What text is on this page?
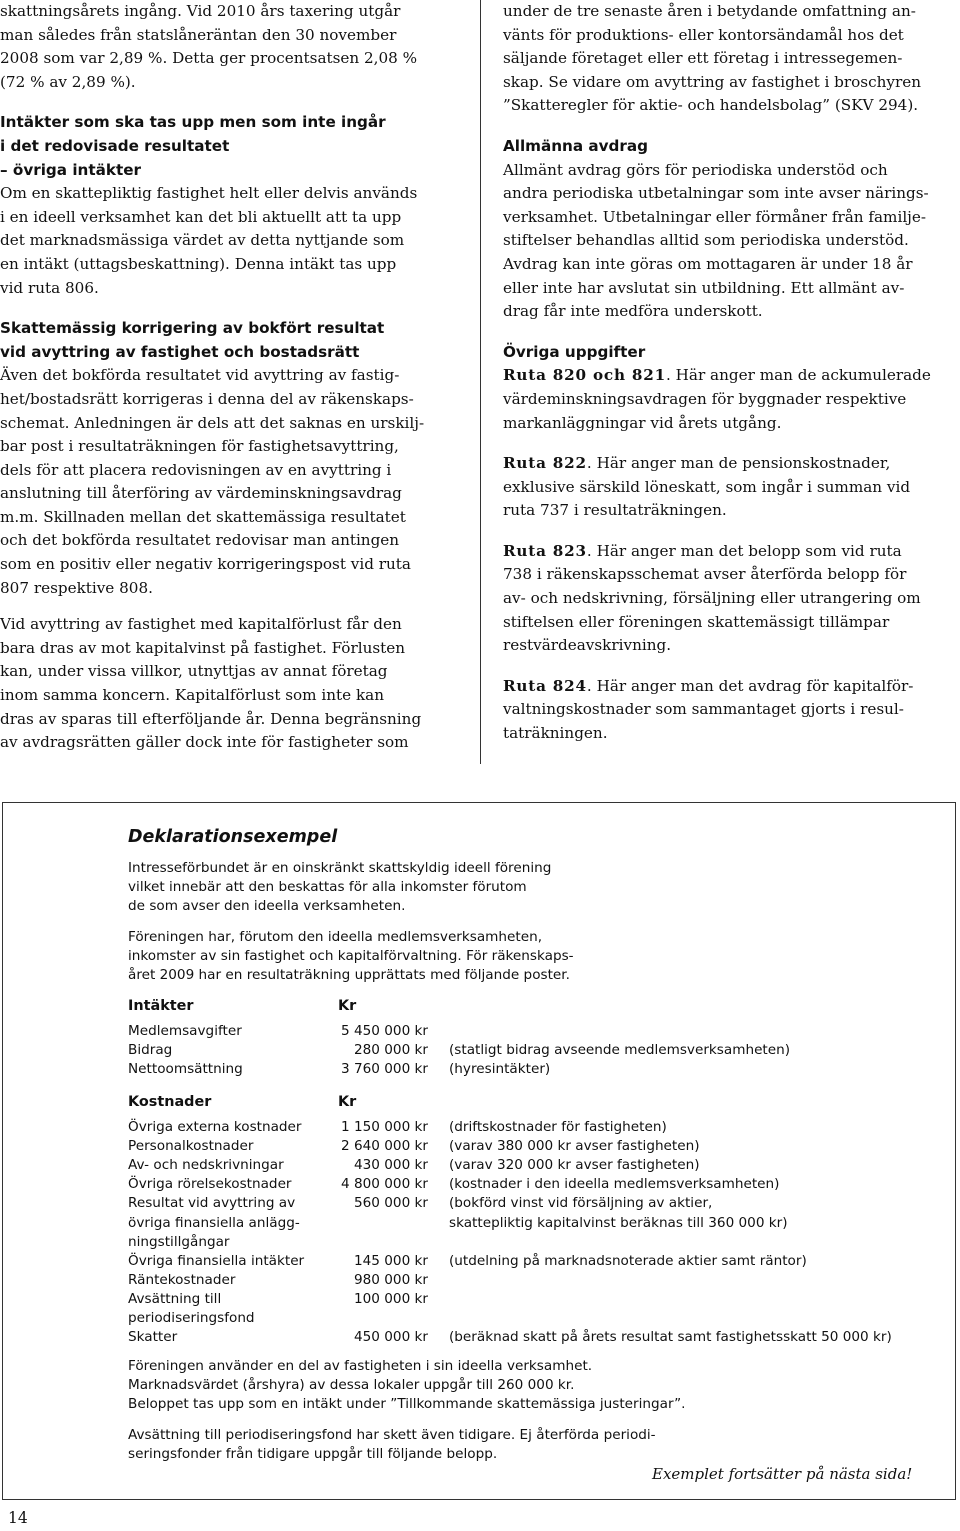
skattningsårets ingång. Vid 2010 års taxering utgår
man således från statslåneräntan den 30 november
2008 som var 2,89 %. Detta ger procentsatsen 2,08 %
(72 % av 2,89 %).

Intäkter som ska tas upp men som inte ingår
i det redovisade resultatet
– övriga intäkter

Om en skattepliktig fastighet helt eller delvis används
i en ideell verksamhet kan det bli aktuellt att ta upp
det marknadsmässiga värdet av detta nyttjande som
en intäkt (uttagsbeskattning). Denna intäkt tas upp
vid ruta 806.

Skattemässig korrigering av bokfört resultat
vid avyttring av fastighet och bostadsrätt

Även det bokförda resultatet vid avyttring av fastig-
het/bostadsrätt korrigeras i denna del av räkenskaps-
schemat. Anledningen är dels att det saknas en urskilj-
bar post i resultaträkningen för fastighetsavyttring,
dels för att placera redovisningen av en avyttring i
anslutning till återföring av värdeminskningsavdrag
m.m. Skillnaden mellan det skattemässiga resultatet
och det bokförda resultatet redovisar man antingen
som en positiv eller negativ korrigeringspost vid ruta
807 respektive 808.

Vid avyttring av fastighet med kapitalförlust får den
bara dras av mot kapitalvinst på fastighet. Förlusten
kan, under vissa villkor, utnyttjas av annat företag
inom samma koncern. Kapitalförlust som inte kan
dras av sparas till efterföljande år. Denna begränsning
av avdragsrätten gäller dock inte för fastigheter som

under de tre senaste åren i betydande omfattning an-
vänts för produktions- eller kontorsändamål hos det
säljande företaget eller ett företag i intressegemen-
skap. Se vidare om avyttring av fastighet i broschyren
”Skatteregler för aktie- och handelsbolag” (SKV 294).

Allmänna avdrag

Allmänt avdrag görs för periodiska understöd och
andra periodiska utbetalningar som inte avser närings-
verksamhet. Utbetalningar eller förmåner från familje-
stiftelser behandlas alltid som periodiska understöd.
Avdrag kan inte göras om mottagaren är under 18 år
eller inte har avslutat sin utbildning. Ett allmänt av-
drag får inte medföra underskott.

Övriga uppgifter

Ruta 820 och 821. Här anger man de ackumulerade
värdeminskningsavdragen för byggnader respektive
markanläggningar vid årets utgång.

Ruta 822. Här anger man de pensionskostnader,
exklusive särskild löneskatt, som ingår i summan vid
ruta 737 i resultaträkningen.

Ruta 823. Här anger man det belopp som vid ruta
738 i räkenskapsschemat avser återförda belopp för
av- och nedskrivning, försäljning eller utrangering om
stiftelsen eller föreningen skattemässigt tillämpar
restvärdeavskrivning.

Ruta 824. Här anger man det avdrag för kapitalför-
valtningskostnader som sammantaget gjorts i resul-
taträkningen.

Deklarationsexempel
Intresseförbundet är en oinskränkt skattskyldig ideell förening
vilket innebär att den beskattas för alla inkomster förutom
de som avser den ideella verksamheten.
Föreningen har, förutom den ideella medlemsverksamheten,
inkomster av sin fastighet och kapitalförvaltning. För räkenskaps-
året 2009 har en resultaträkning upprättats med följande poster.
Intäkter	Kr
Medlemsavgifter	5 450 000 kr
Bidrag	280 000 kr (statligt bidrag avseende medlemsverksamheten)
Nettoomsättning	3 760 000 kr (hyresintäkter)
Kostnader	Kr
Övriga externa kostnader	1 150 000 kr (driftskostnader för fastigheten)
Personalkostnader	2 640 000 kr (varav 380 000 kr avser fastigheten)
Av- och nedskrivningar	430 000 kr (varav 320 000 kr avser fastigheten)
Övriga rörelsekostnader	4 800 000 kr (kostnader i den ideella medlemsverksamheten)
Resultat vid avyttring av	560 000 kr (bokförd vinst vid försäljning av aktier,
övriga finansiella anlägg-	skattepliktig kapitalvinst beräknas till 360 000 kr)
ningstillgångar
Övriga finansiella intäkter	145 000 kr (utdelning på marknadsnoterade aktier samt räntor)
Räntekostnader	980 000 kr
Avsättning till	100 000 kr
periodiseringsfond
Skatter	450 000 kr (beräknad skatt på årets resultat samt fastighetsskatt 50 000 kr)
Föreningen använder en del av fastigheten i sin ideella verksamhet.
Marknadsvärdet (årshyra) av dessa lokaler uppgår till 260 000 kr.
Beloppet tas upp som en intäkt under ”Tillkommande skattemässiga justeringar”.
Avsättning till periodiseringsfond har skett även tidigare. Ej återförda periodi-
seringsfonder från tidigare uppgår till följande belopp.
Exemplet fortsätter på nästa sida!
14
